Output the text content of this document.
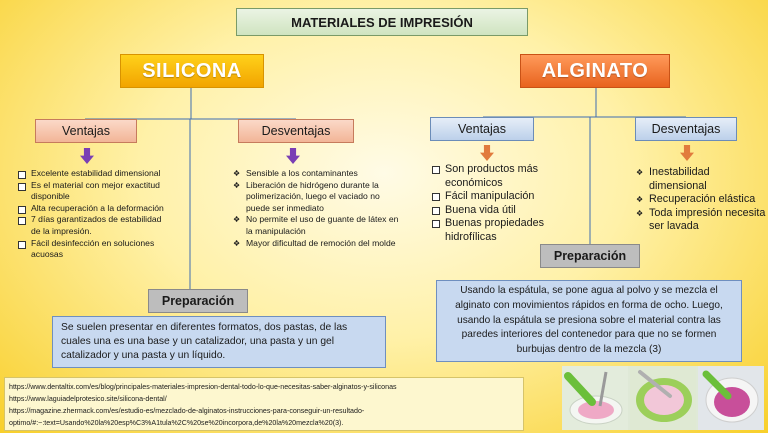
MATERIALES DE IMPRESIÓN
SILICONA	ALGINATO
Ventajas	Desventajas	Ventajas	Desventajas
Excelente estabilidad dimensional
Es el material con mejor exactitud disponible
Alta recuperación a la deformación
7 días garantizados de estabilidad de la impresión.
Fácil desinfección en soluciones acuosas
❖ Sensible a los contaminantes
❖ Liberación de hidrógeno durante la polimerización, luego el vaciado no puede ser inmediato
❖ No permite el uso de guante de látex en la manipulación
❖ Mayor dificultad de remoción del molde
Son productos más económicos
Fácil manipulación
Buena vida útil
Buenas propiedades hidrofílicas
❖ Inestabilidad dimensional
❖ Recuperación elástica
❖ Toda impresión necesita ser lavada
Preparación
Preparación
Se suelen presentar en diferentes formatos, dos pastas, de las cuales una es una base y un catalizador, una pasta y un gel catalizador y una pasta y un líquido.
Usando la espátula, se pone agua al polvo y se mezcla el alginato con movimientos rápidos en forma de ocho. Luego, usando la espátula se presiona sobre el material contra las paredes interiores del contenedor para que no se formen burbujas dentro de la mezcla (3)
https://www.dentaltix.com/es/blog/principales-materiales-impresion-dental-todo-lo-que-necesitas-saber-alginatos-y-siliconas
https://www.laguiadelprotesico.site/silicona-dental/
https://magazine.zhermack.com/es/estudio-es/mezclado-de-alginatos-instrucciones-para-conseguir-un-resultado-
optimo/#:~:text=Usando%20la%20esp%C3%A1tula%2C%20se%20incorpora,de%20la%20mezcla%20(3).
